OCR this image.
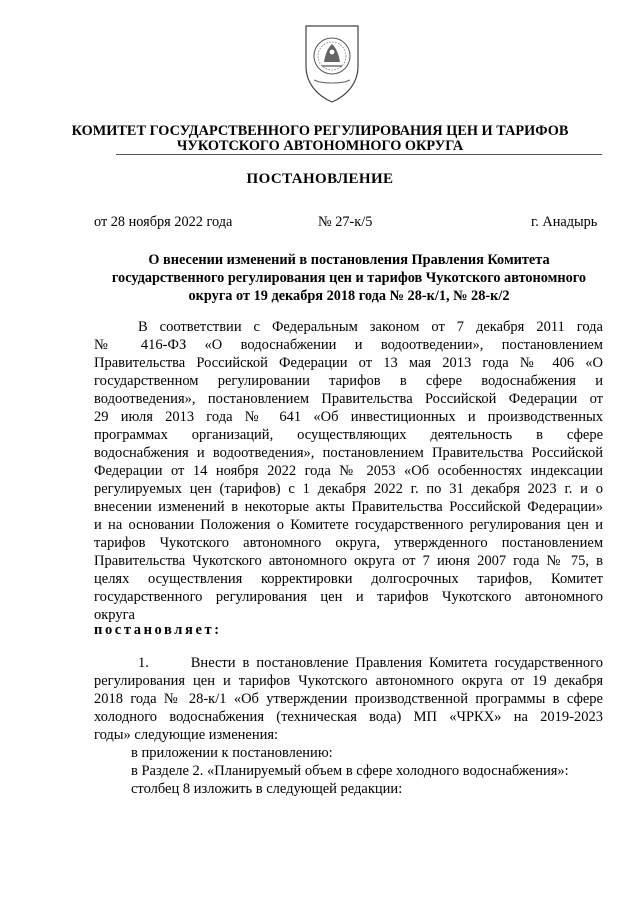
КОМИТЕТ ГОСУДАРСТВЕННОГО РЕГУЛИРОВАНИЯ ЦЕН И ТАРИФОВ
ЧУКОТСКОГО АВТОНОМНОГО ОКРУГА
ПОСТАНОВЛЕНИЕ
от 28 ноября 2022 года	№ 27-к/5	г. Анадырь
О внесении изменений в постановления Правления Комитета государственного регулирования цен и тарифов Чукотского автономного округа от 19 декабря 2018 года № 28-к/1, № 28-к/2
В соответствии с Федеральным законом от 7 декабря 2011 года
№ 416-ФЗ «О водоснабжении и водоотведении», постановлением
Правительства Российской Федерации от 13 мая 2013 года № 406 «О
государственном регулировании тарифов в сфере водоснабжения и
водоотведения», постановлением Правительства Российской Федерации от
29 июля 2013 года № 641 «Об инвестиционных и производственных
программах организаций, осуществляющих деятельность в сфере
водоснабжения и водоотведения», постановлением Правительства Российской
Федерации от 14 ноября 2022 года № 2053 «Об особенностях индексации
регулируемых цен (тарифов) с 1 декабря 2022 г. по 31 декабря 2023 г. и о
внесении изменений в некоторые акты Правительства Российской Федерации»
и на основании Положения о Комитете государственного регулирования цен и
тарифов Чукотского автономного округа, утвержденного постановлением
Правительства Чукотского автономного округа от 7 июня 2007 года № 75, в
целях осуществления корректировки долгосрочных тарифов, Комитет
государственного регулирования цен и тарифов Чукотского автономного
округа
постановляет:
1.      Внести в постановление Правления Комитета государственного
регулирования цен и тарифов Чукотского автономного округа от 19 декабря
2018 года № 28-к/1 «Об утверждении производственной программы в сфере
холодного водоснабжения (техническая вода) МП «ЧРКХ» на 2019-2023
годы» следующие изменения:
в приложении к постановлению:
в Разделе 2. «Планируемый объем в сфере холодного водоснабжения»:
столбец 8 изложить в следующей редакции:
